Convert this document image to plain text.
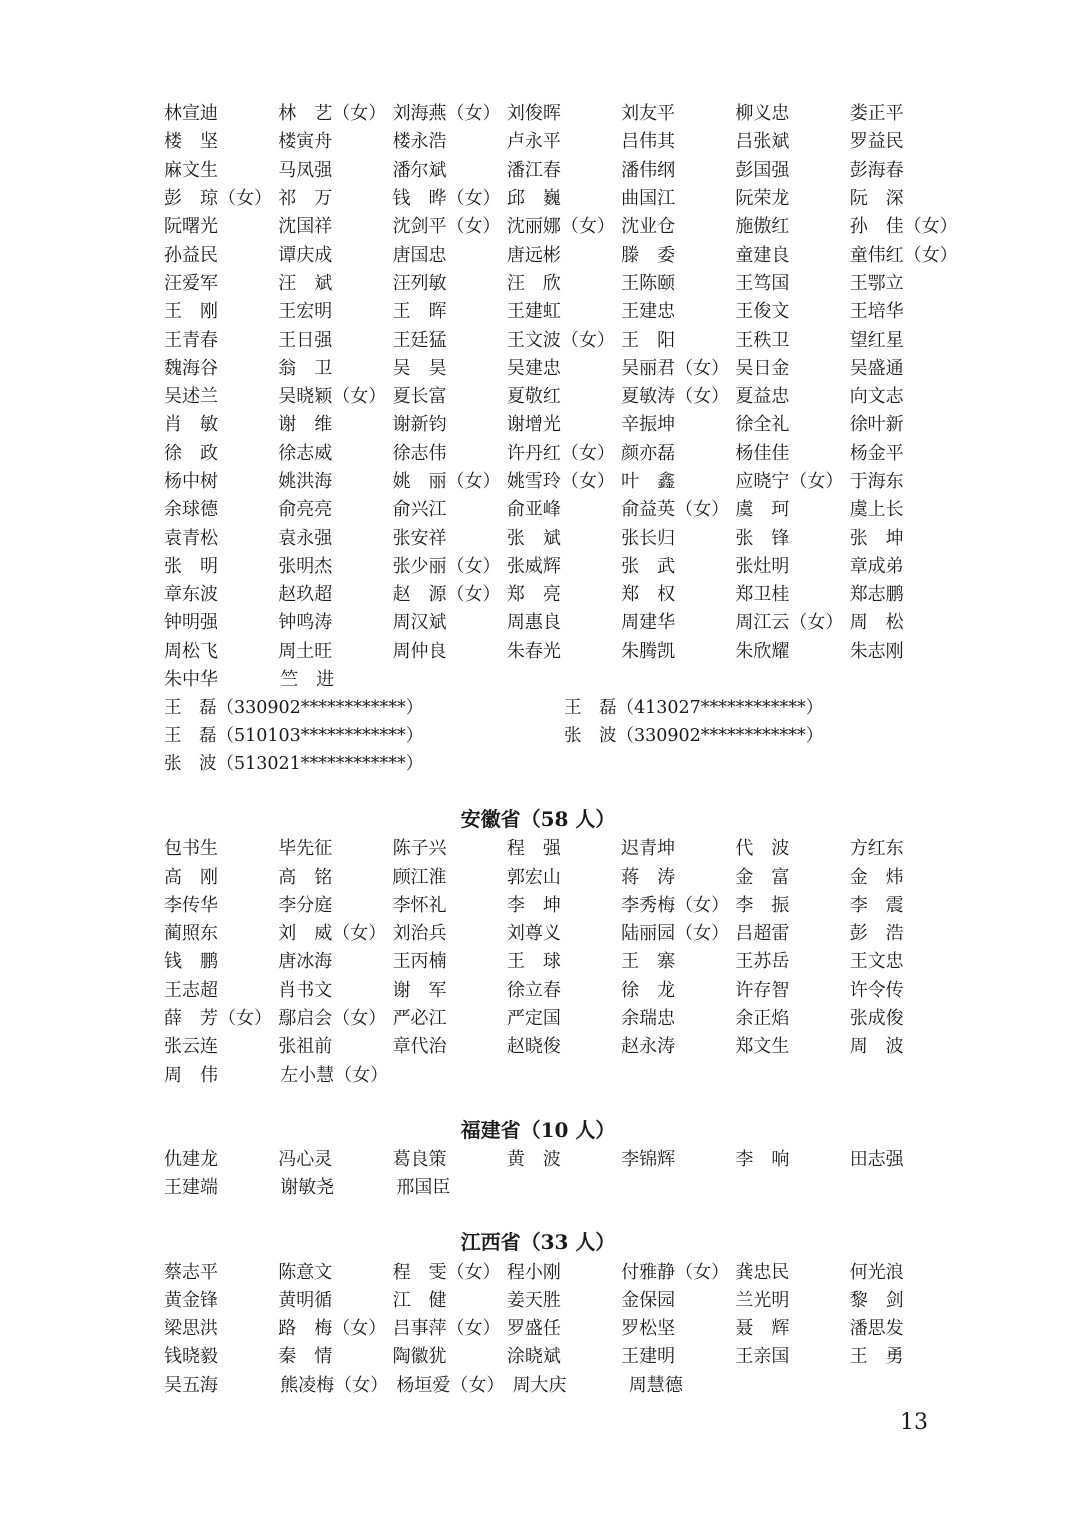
林宣迪	林　艺（女） 刘海燕（女） 刘俊晖	刘友平	柳义忠	娄正平
楼　坚	楼寅舟	楼永浩	卢永平	吕伟其	吕张斌	罗益民
麻文生	马凤强	潘尔斌	潘江春	潘伟纲	彭国强	彭海春
彭　琼（女） 祁　万	钱　晔（女） 邱　巍	曲国江	阮荣龙	阮　深
阮曙光	沈国祥	沈剑平（女） 沈丽娜（女） 沈业仓	施傲红	孙　佳（女）
孙益民	谭庆成	唐国忠	唐远彬	滕　委	童建良	童伟红（女）
汪爱军	汪　斌	汪列敏	汪　欣	王陈颐	王笃国	王鄂立
王　刚	王宏明	王　晖	王建虹	王建忠	王俊文	王培华
王青春	王日强	王廷猛	王文波（女） 王　阳	王秩卫	望红星
魏海谷	翁　卫	吴　昊	吴建忠	吴丽君（女） 吴日金	吴盛通
吴述兰	吴晓颖（女） 夏长富	夏敬红	夏敏涛（女） 夏益忠	向文志
肖　敏	谢　维	谢新钧	谢增光	辛振坤	徐全礼	徐叶新
徐　政	徐志威	徐志伟	许丹红（女） 颜亦磊	杨佳佳	杨金平
杨中树	姚洪海	姚　丽（女） 姚雪玲（女） 叶　鑫	应晓宁（女） 于海东
余球德	俞亮亮	俞兴江	俞亚峰	俞益英（女） 虞　珂	虞上长
袁青松	袁永强	张安祥	张　斌	张长归	张　锋	张　坤
张　明	张明杰	张少丽（女） 张威辉	张　武	张灶明	章成弟
章东波	赵玖超	赵　源（女） 郑　亮	郑　权	郑卫桂	郑志鹏
钟明强	钟鸣涛	周汉斌	周惠良	周建华	周江云（女） 周　松
周松飞	周土旺	周仲良	朱春光	朱腾凯	朱欣耀	朱志刚
朱中华	竺　进
王　磊（330902************）	王　磊（413027************）
王　磊（510103************）	张　波（330902************）
张　波（513021************）
安徽省（58 人）
包书生	毕先征	陈子兴	程　强	迟青坤	代　波	方红东
高　刚	高　铭	顾江淮	郭宏山	蒋　涛	金　富	金　炜
李传华	李分庭	李怀礼	李　坤	李秀梅（女） 李　振	李　震
蔺照东	刘　威（女） 刘治兵	刘尊义	陆丽园（女） 吕超雷	彭　浩
钱　鹏	唐冰海	王丙楠	王　球	王　寨	王苏岳	王文忠
王志超	肖书文	谢　军	徐立春	徐　龙	许存智	许令传
薛　芳（女） 鄢启会（女） 严必江	严定国	余瑞忠	余正焰	张成俊
张云连	张祖前	章代治	赵晓俊	赵永涛	郑文生	周　波
周　伟	左小慧（女）
福建省（10 人）
仇建龙	冯心灵	葛良策	黄　波	李锦辉	李　响	田志强
王建端	谢敏尧	邢国臣
江西省（33 人）
蔡志平	陈意文	程　雯（女） 程小刚	付雅静（女） 龚忠民	何光浪
黄金锋	黄明循	江　健	姜天胜	金保园	兰光明	黎　剑
梁思洪	路　梅（女） 吕事萍（女） 罗盛任	罗松坚	聂　辉	潘思发
钱晓毅	秦　情	陶徽犹	涂晓斌	王建明	王亲国	王　勇
吴五海	熊凌梅（女） 杨垣爱（女） 周大庆	周慧德
13
